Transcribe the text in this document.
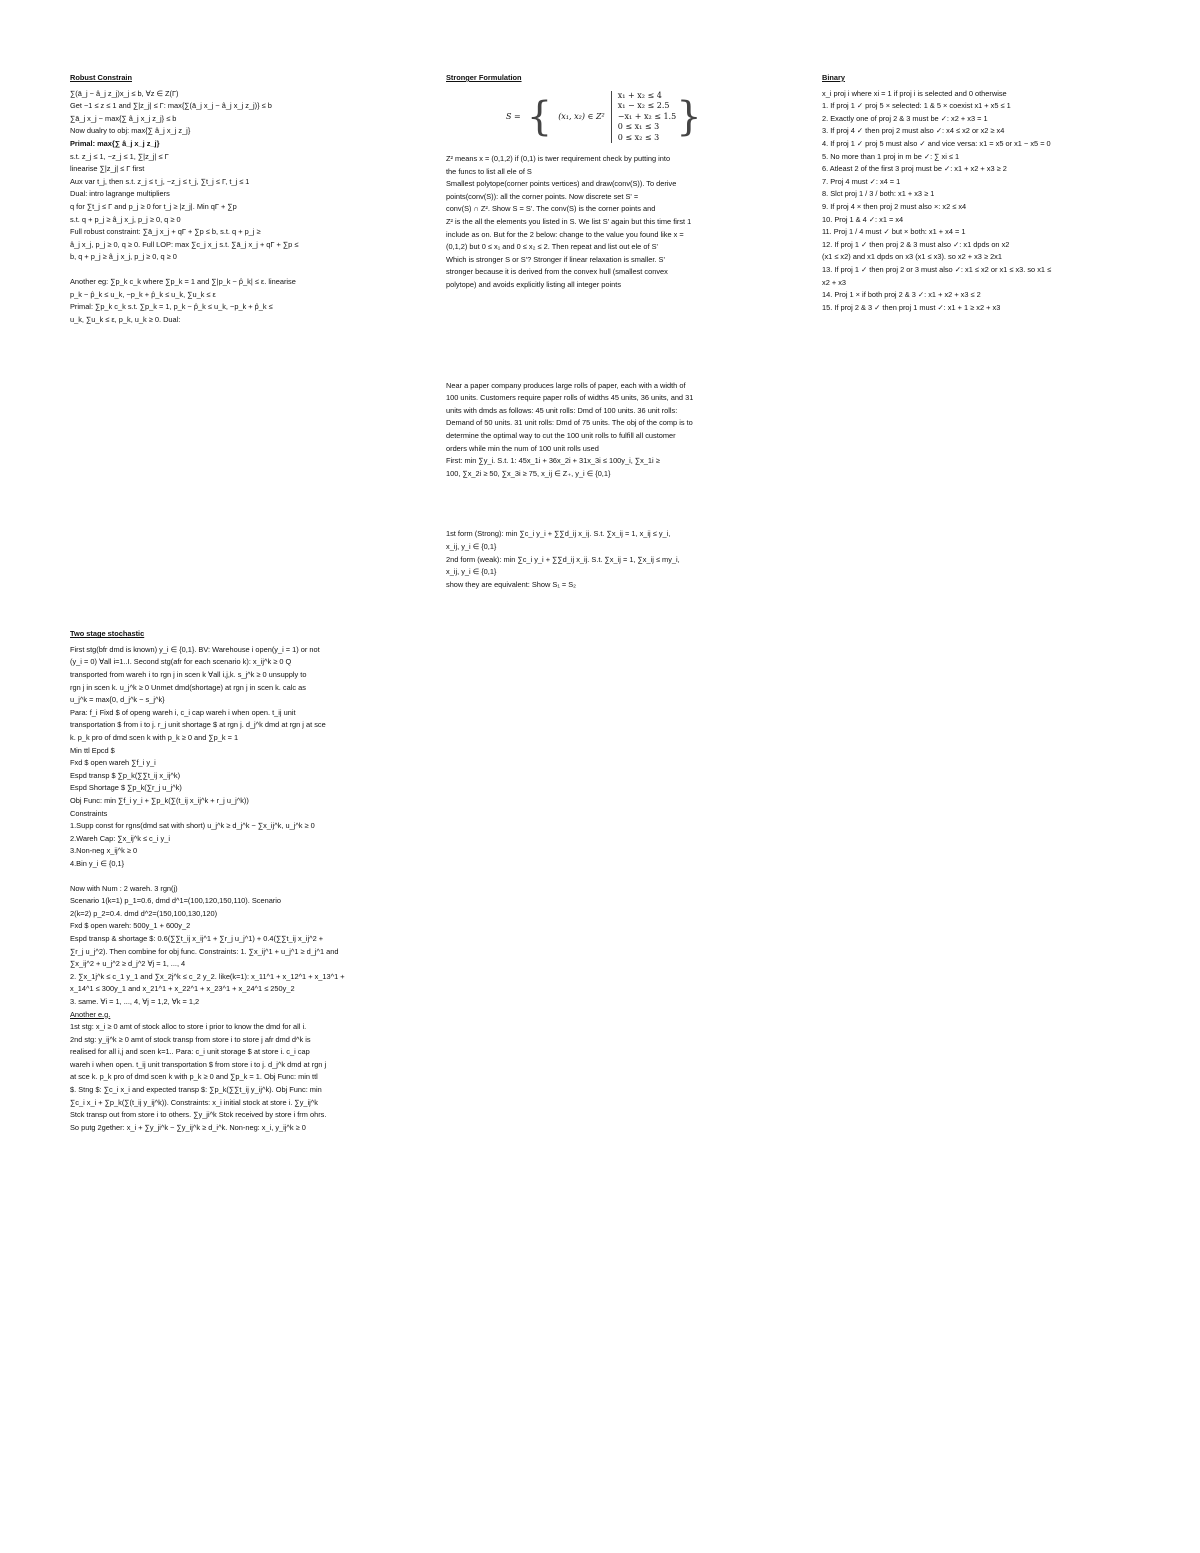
Robust Constrain

∑(ā_j − â_j z_j)x_j ≤ b, ∀z ∈ Z(Γ)

Get −1 ≤ z ≤ 1 and ∑|z_j| ≤ Γ: max{∑(ā_j x_j − â_j x_j z_j)} ≤ b

∑ā_j x_j − max{∑ â_j x_j z_j} ≤ b

Now dualry to obj: max{∑ â_j x_j z_j}

Primal: max{∑ â_j x_j z_j}

s.t. z_j ≤ 1, −z_j ≤ 1, ∑|z_j| ≤ Γ

linearise ∑|z_j| ≤ Γ first

Aux var t_j, then s.t. z_j ≤ t_j, −z_j ≤ t_j, ∑t_j ≤ Γ, t_j ≤ 1

Dual: intro lagrange multipliers

q for ∑t_j ≤ Γ and p_j ≥ 0 for t_j ≥ |z_j|. Min qΓ + ∑p

s.t. q + p_j ≥ â_j x_j, p_j ≥ 0, q ≥ 0

Full robust constraint: ∑ā_j x_j + qΓ + ∑p ≤ b, s.t. q + p_j ≥

â_j x_j, p_j ≥ 0, q ≥ 0. Full LOP: max ∑c_j x_j s.t. ∑ā_j x_j + qΓ + ∑p ≤

b, q + p_j ≥ â_j x_j, p_j ≥ 0, q ≥ 0

Another eg: ∑p_k c_k where ∑p_k = 1 and ∑|p_k − p̂_k| ≤ ε. linearise

p_k − p̂_k ≤ u_k, −p_k + p̂_k ≤ u_k, ∑u_k ≤ ε

Primal: ∑p_k c_k s.t. ∑p_k = 1, p_k − p̂_k ≤ u_k, −p_k + p̂_k ≤

u_k, ∑u_k ≤ ε, p_k, u_k ≥ 0. Dual:

Two stage stochastic

First stg(bfr dmd is known) y_i ∈ {0,1}. BV: Warehouse i open(y_i = 1) or not

(y_i = 0) ∀all i=1..I. Second stg(afr for each scenario k): x_ij^k ≥ 0 Q

transported from wareh i to rgn j in scen k ∀all i,j,k. s_j^k ≥ 0 unsupply to

rgn j in scen k. u_j^k ≥ 0 Unmet dmd(shortage) at rgn j in scen k. calc as

u_j^k = max{0, d_j^k − s_j^k}

Para: f_i Fixd $ of openg wareh i, c_i cap wareh i when open. t_ij unit

transportation $ from i to j. r_j unit shortage $ at rgn j. d_j^k dmd at rgn j at sce

k. p_k pro of dmd scen k with p_k ≥ 0 and ∑p_k = 1

Min ttl Epcd $

Fxd $ open wareh ∑f_i y_i

Espd transp $ ∑p_k(∑∑t_ij x_ij^k)

Espd Shortage $ ∑p_k(∑r_j u_j^k)

Obj Func: min ∑f_i y_i + ∑p_k(∑(t_ij x_ij^k + r_j u_j^k))

Constraints

1.Supp const for rgns(dmd sat with short) u_j^k ≥ d_j^k − ∑x_ij^k, u_j^k ≥ 0

2.Wareh Cap: ∑x_ij^k ≤ c_i y_i

3.Non-neg x_ij^k ≥ 0

4.Bin y_i ∈ {0,1}

Now with Num : 2 wareh. 3 rgn(j)

Scenario 1(k=1) p_1=0.6, dmd d^1=(100,120,150,110). Scenario

2(k=2) p_2=0.4. dmd d^2=(150,100,130,120)

Fxd $ open wareh: 500y_1 + 600y_2

Espd transp & shortage $: 0.6(∑∑t_ij x_ij^1 + ∑r_j u_j^1) + 0.4(∑∑t_ij x_ij^2 +

∑r_j u_j^2). Then combine for obj func. Constraints: 1. ∑x_ij^1 + u_j^1 ≥ d_j^1 and

∑x_ij^2 + u_j^2 ≥ d_j^2 ∀j = 1, ..., 4

2. ∑x_1j^k ≤ c_1 y_1 and ∑x_2j^k ≤ c_2 y_2. like(k=1): x_11^1 + x_12^1 + x_13^1 +

x_14^1 ≤ 300y_1 and x_21^1 + x_22^1 + x_23^1 + x_24^1 ≤ 250y_2

3. same. ∀i = 1, ..., 4, ∀j = 1,2, ∀k = 1,2

Another e.g.

1st stg: x_i ≥ 0 amt of stock alloc to store i prior to know the dmd for all i.

2nd stg: y_ij^k ≥ 0 amt of stock transp from store i to store j afr dmd d^k is

realised for all i,j and scen k=1.. Para: c_i unit storage $ at store i. c_i cap

wareh i when open. t_ij unit transportation $ from store i to j. d_j^k dmd at rgn j

at sce k. p_k pro of dmd scen k with p_k ≥ 0 and ∑p_k = 1. Obj Func: min ttl

$. Stng $: ∑c_i x_i and expected transp $: ∑p_k(∑∑t_ij y_ij^k). Obj Func: min

∑c_i x_i + ∑p_k(∑(t_ij y_ij^k)). Constraints: x_i initial stock at store i. ∑y_ij^k

Stck transp out from store i to others. ∑y_ji^k Stck received by store i frm ohrs.

So putg 2gether: x_i + ∑y_ji^k − ∑y_ij^k ≥ d_i^k. Non-neg: x_i, y_ij^k ≥ 0

Stronger Formulation

S = { (x₁, x₂) ∈ Z²
x₁ + x₂ ≤ 4
x₁ − x₂ ≤ 2.5
−x₁ + x₂ ≤ 1.5
0 ≤ x₁ ≤ 3
0 ≤ x₂ ≤ 3 }

Z² means x = (0,1,2) if (0,1) is twer requirement check by putting into

the funcs to list all ele of S

Smallest polytope(corner points vertices) and draw(conv(S)). To derive

points(conv(S)): all the corner points. Now discrete set S' =

conv(S) ∩ Z². Show S = S'. The conv(S) is the corner points and

Z² is the all the elements you listed in S. We list S' again but this time first 1

include as on. But for the 2 below: change to the value you found like x =

(0,1,2) but 0 ≤ x₁ and 0 ≤ x₂ ≤ 2. Then repeat and list out ele of S'

Which is stronger S or S'? Stronger if linear relaxation is smaller. S'

stronger because it is derived from the convex hull (smallest convex

polytope) and avoids explicitly listing all integer points

Near a paper company produces large rolls of paper, each with a width of

100 units. Customers require paper rolls of widths 45 units, 36 units, and 31

units with dmds as follows: 45 unit rolls: Dmd of 100 units. 36 unit rolls:

Demand of 50 units. 31 unit rolls: Dmd of 75 units. The obj of the comp is to

determine the optimal way to cut the 100 unit rolls to fulfill all customer

orders while min the num of 100 unit rolls used

First: min ∑y_i. S.t. 1: 45x_1i + 36x_2i + 31x_3i ≤ 100y_i, ∑x_1i ≥

100, ∑x_2i ≥ 50, ∑x_3i ≥ 75, x_ij ∈ Z₊, y_i ∈ {0,1}

1st form (Strong): min ∑c_i y_i + ∑∑d_ij x_ij. S.t. ∑x_ij = 1, x_ij ≤ y_i,

x_ij, y_i ∈ {0,1}

2nd form (weak): min ∑c_i y_i + ∑∑d_ij x_ij. S.t. ∑x_ij = 1, ∑x_ij ≤ my_i,

x_ij, y_i ∈ {0,1}

show they are equivalent: Show S₁ = S₂

Binary

x_i proj i where xi = 1 if proj i is selected and 0 otherwise

1. If proj 1 ✓ proj 5 × selected: 1 & 5 × coexist x1 + x5 ≤ 1

2. Exactly one of proj 2 & 3 must be ✓: x2 + x3 = 1

3. If proj 4 ✓ then proj 2 must also ✓: x4 ≤ x2 or x2 ≥ x4

4. If proj 1 ✓ proj 5 must also ✓ and vice versa: x1 = x5 or x1 − x5 = 0

5. No more than 1 proj in m be ✓: ∑ xi ≤ 1

6. Atleast 2 of the first 3 proj must be ✓: x1 + x2 + x3 ≥ 2

7. Proj 4 must ✓: x4 = 1

8. Slct proj 1 / 3 / both: x1 + x3 ≥ 1

9. If proj 4 × then proj 2 must also ×: x2 ≤ x4

10. Proj 1 & 4 ✓: x1 = x4

11. Proj 1 / 4 must ✓ but × both: x1 + x4 = 1

12. If proj 1 ✓ then proj 2 & 3 must also ✓: x1 dpds on x2

(x1 ≤ x2) and x1 dpds on x3 (x1 ≤ x3). so x2 + x3 ≥ 2x1

13. If proj 1 ✓ then proj 2 or 3 must also ✓: x1 ≤ x2 or x1 ≤ x3. so x1 ≤

x2 + x3

14. Proj 1 × if both proj 2 & 3 ✓: x1 + x2 + x3 ≤ 2

15. If proj 2 & 3 ✓ then proj 1 must ✓: x1 + 1 ≥ x2 + x3
